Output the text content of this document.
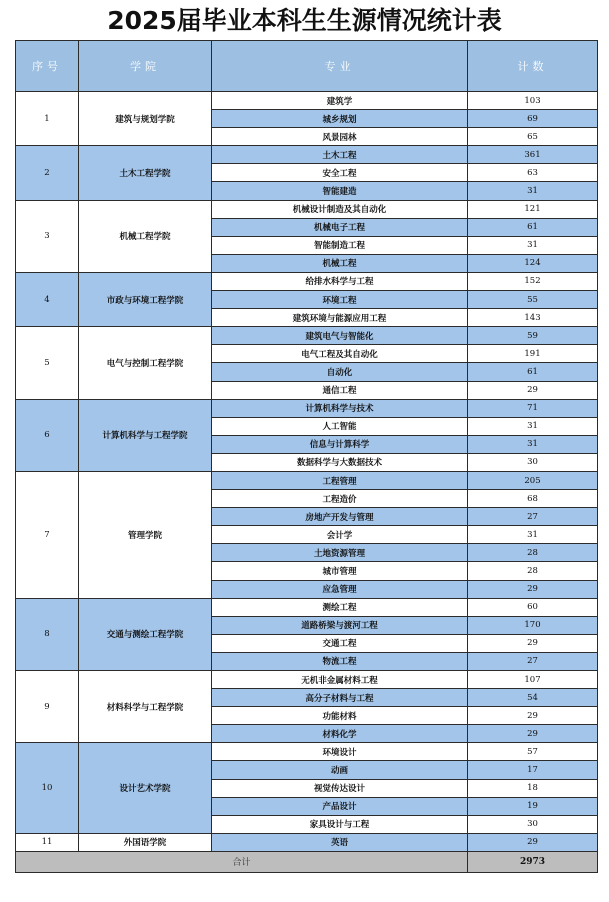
2025届毕业本科生生源情况统计表
序号	学院	专业	计数
1	建筑与规划学院	建筑学	103
		城乡规划	69
		风景园林	65
2	土木工程学院	土木工程	361
		安全工程	63
		智能建造	31
3	机械工程学院	机械设计制造及其自动化	121
		机械电子工程	61
		智能制造工程	31
		机械工程	124
4	市政与环境工程学院	给排水科学与工程	152
		环境工程	55
		建筑环境与能源应用工程	143
5	电气与控制工程学院	建筑电气与智能化	59
		电气工程及其自动化	191
		自动化	61
		通信工程	29
6	计算机科学与工程学院	计算机科学与技术	71
		人工智能	31
		信息与计算科学	31
		数据科学与大数据技术	30
7	管理学院	工程管理	205
		工程造价	68
		房地产开发与管理	27
		会计学	31
		土地资源管理	28
		城市管理	28
		应急管理	29
8	交通与测绘工程学院	测绘工程	60
		道路桥梁与渡河工程	170
		交通工程	29
		物流工程	27
9	材料科学与工程学院	无机非金属材料工程	107
		高分子材料与工程	54
		功能材料	29
		材料化学	29
10	设计艺术学院	环境设计	57
		动画	17
		视觉传达设计	18
		产品设计	19
		家具设计与工程	30
11	外国语学院	英语	29
合计			2973
